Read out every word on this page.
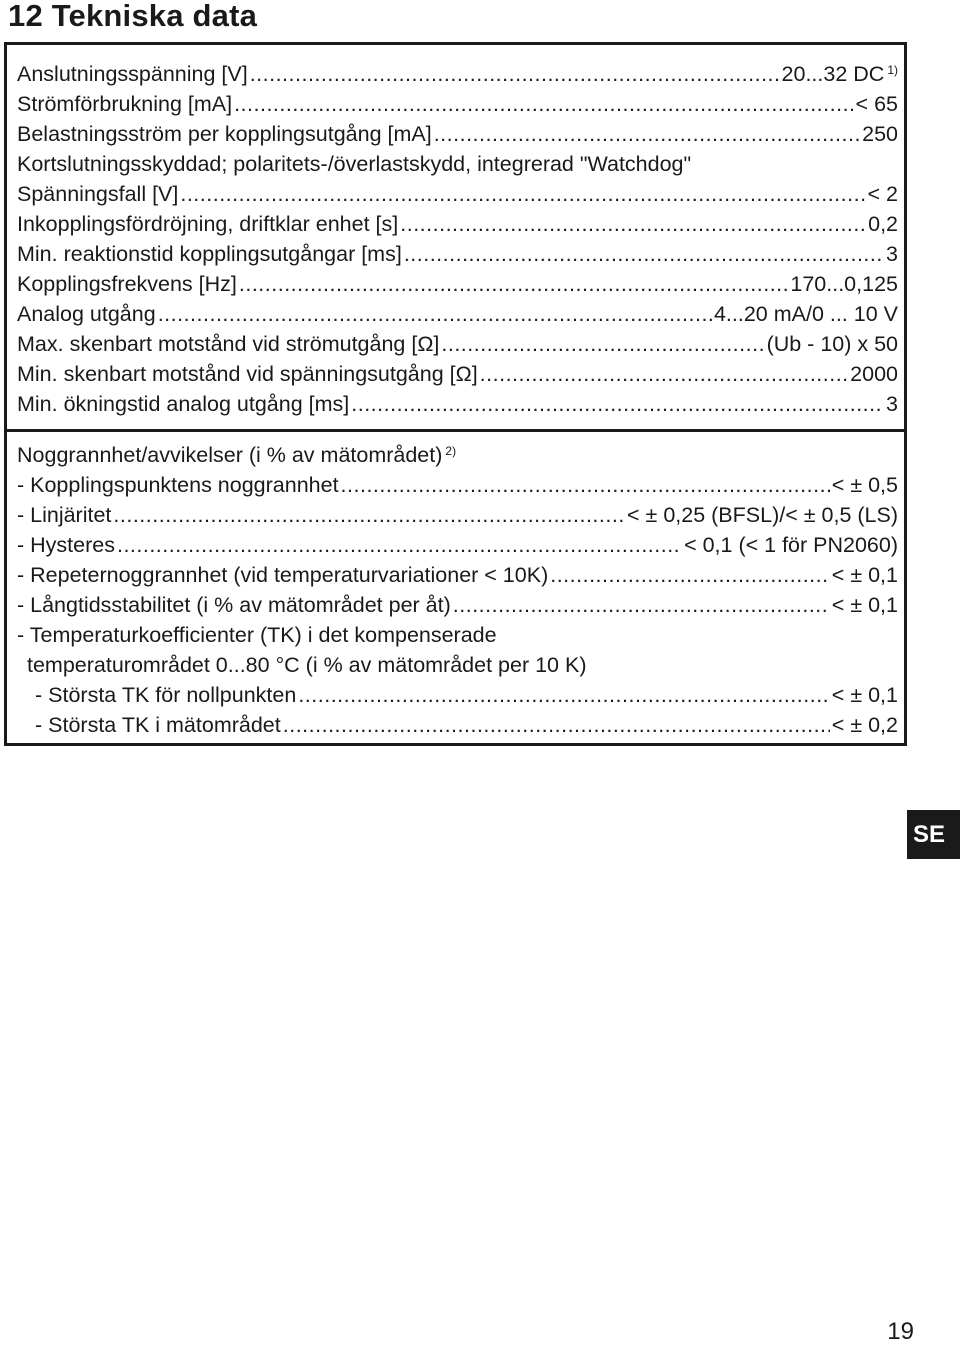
12 Tekniska data
Anslutningsspänning [V] .....	20...32 DC 1)
Strömförbrukning [mA] .....	< 65
Belastningsström per kopplingsutgång [mA] .....	250
Kortslutningsskyddad; polaritets-/överlastskydd, integrerad "Watchdog"
Spänningsfall [V] .....	< 2
Inkopplingsfördröjning, driftklar enhet [s] .....	0,2
Min. reaktionstid kopplingsutgångar [ms] .....	3
Kopplingsfrekvens [Hz] .....	170...0,125
Analog utgång .....	4...20 mA/0 ... 10 V
Max. skenbart motstånd vid strömutgång [Ω] .....	(Ub - 10) x 50
Min. skenbart motstånd vid spänningsutgång [Ω] .....	2000
Min. ökningstid analog utgång [ms] .....	3
Noggrannhet/avvikelser (i % av mätområdet) 2)
- Kopplingspunktens noggrannhet .....	< ± 0,5
- Linjäritet .....	< ± 0,25 (BFSL)/< ± 0,5 (LS)
- Hysteres .....	< 0,1 (< 1 för PN2060)
- Repeternoggrannhet (vid temperaturvariationer < 10K) .....	< ± 0,1
- Långtidsstabilitet (i % av mätområdet per åt) .....	< ± 0,1
- Temperaturkoefficienter (TK) i det kompenserade
temperaturområdet 0...80 °C (i % av mätområdet per 10 K)
- Största TK för nollpunkten .....	< ± 0,1
- Största TK i mätområdet .....	< ± 0,2
SE
19
